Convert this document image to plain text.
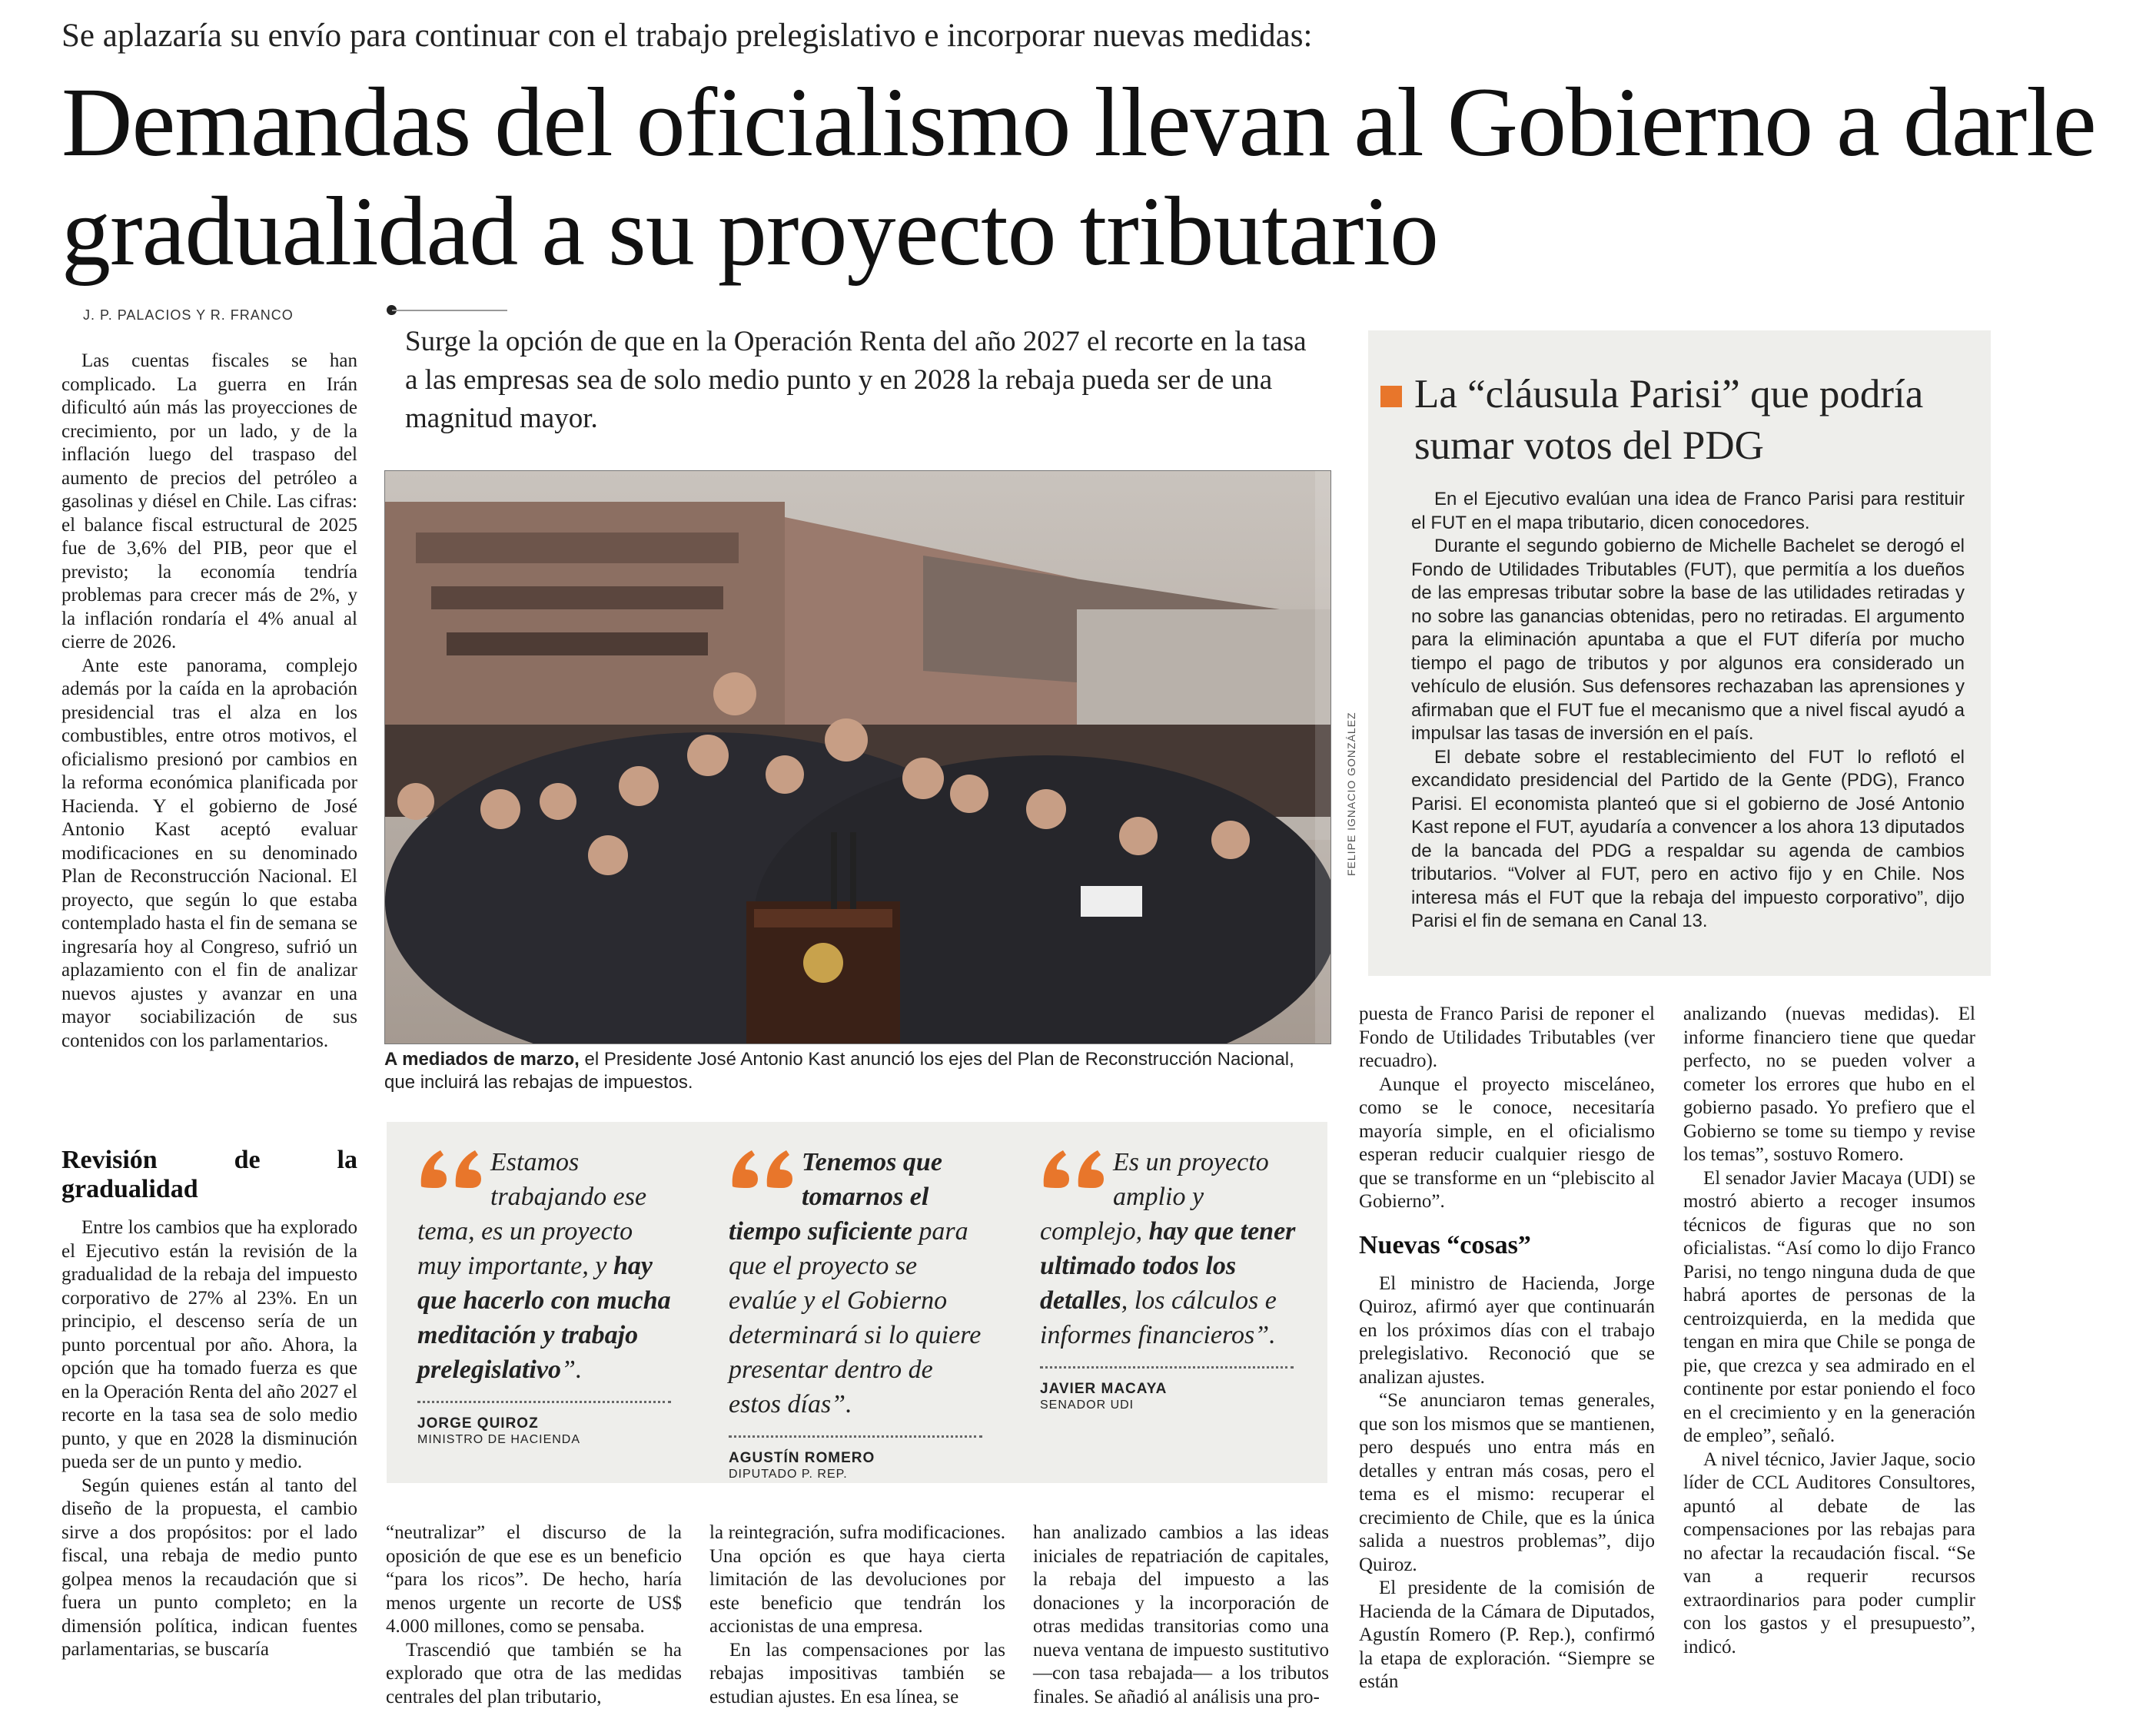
Se aplazaría su envío para continuar con el trabajo prelegislativo e incorporar nuevas medidas:
Demandas del oficialismo llevan al Gobierno a darle gradualidad a su proyecto tributario
J. P. PALACIOS Y R. FRANCO
Surge la opción de que en la Operación Renta del año 2027 el recorte en la tasa a las empresas sea de solo medio punto y en 2028 la rebaja pueda ser de una magnitud mayor.

Las cuentas fiscales se han complicado. La guerra en Irán dificultó aún más las proyecciones de crecimiento, por un lado, y de la inflación luego del traspaso del aumento de precios del petróleo a gasolinas y diésel en Chile. Las cifras: el balance fiscal estructural de 2025 fue de 3,6% del PIB, peor que el previsto; la economía tendría problemas para crecer más de 2%, y la inflación rondaría el 4% anual al cierre de 2026.

Ante este panorama, complejo además por la caída en la aprobación presidencial tras el alza en los combustibles, entre otros motivos, el oficialismo presionó por cambios en la reforma económica planificada por Hacienda. Y el gobierno de José Antonio Kast aceptó evaluar modificaciones en su denominado Plan de Reconstrucción Nacional. El proyecto, que según lo que estaba contemplado hasta el fin de semana se ingresaría hoy al Congreso, sufrió un aplazamiento con el fin de analizar nuevos ajustes y avanzar en una mayor sociabilización de sus contenidos con los parlamentarios.

Revisión de la gradualidad

Entre los cambios que ha explorado el Ejecutivo están la revisión de la gradualidad de la rebaja del impuesto corporativo de 27% al 23%. En un principio, el descenso sería de un punto porcentual por año. Ahora, la opción que ha tomado fuerza es que en la Operación Renta del año 2027 el recorte en la tasa sea de solo medio punto, y que en 2028 la disminución pueda ser de un punto y medio.

Según quienes están al tanto del diseño de la propuesta, el cambio sirve a dos propósitos: por el lado fiscal, una rebaja de medio punto golpea menos la recaudación que si fuera un punto completo; en la dimensión política, indican fuentes parlamentarias, se buscaría

FELIPE IGNACIO GONZÁLEZ
A mediados de marzo, el Presidente José Antonio Kast anunció los ejes del Plan de Reconstrucción Nacional, que incluirá las rebajas de impuestos.
Estamos trabajando ese tema, es un proyecto muy importante, y hay que hacerlo con mucha meditación y trabajo prelegislativo”.
JORGE QUIROZ
MINISTRO DE HACIENDA
Tenemos que tomarnos el tiempo suficiente para que el proyecto se evalúe y el Gobierno determinará si lo quiere presentar dentro de estos días”.
AGUSTÍN ROMERO
DIPUTADO P. REP.
Es un proyecto amplio y complejo, hay que tener ultimado todos los detalles, los cálculos e informes financieros”.
JAVIER MACAYA
SENADOR UDI

“neutralizar” el discurso de la oposición de que ese es un beneficio “para los ricos”. De hecho, haría menos urgente un recorte de US$ 4.000 millones, como se pensaba.

Trascendió que también se ha explorado que otra de las medidas centrales del plan tributario,

la reintegración, sufra modificaciones. Una opción es que haya cierta limitación de las devoluciones por este beneficio que tendrán los accionistas de una empresa.

En las compensaciones por las rebajas impositivas también se estudian ajustes. En esa línea, se

han analizado cambios a las ideas iniciales de repatriación de capitales, la rebaja del impuesto a las donaciones y la incorporación de otras medidas transitorias como una nueva ventana de impuesto sustitutivo —con tasa rebajada— a los tributos finales. Se añadió al análisis una pro-

puesta de Franco Parisi de reponer el Fondo de Utilidades Tributables (ver recuadro).

Aunque el proyecto misceláneo, como se le conoce, necesitaría mayoría simple, en el oficialismo esperan reducir cualquier riesgo de que se transforme en un “plebiscito al Gobierno”.

Nuevas “cosas”

El ministro de Hacienda, Jorge Quiroz, afirmó ayer que continuarán en los próximos días con el trabajo prelegislativo. Reconoció que se analizan ajustes.

“Se anunciaron temas generales, que son los mismos que se mantienen, pero después uno entra más en detalles y entran más cosas, pero el tema es el mismo: recuperar el crecimiento de Chile, que es la única salida a nuestros problemas”, dijo Quiroz.

El presidente de la comisión de Hacienda de la Cámara de Diputados, Agustín Romero (P. Rep.), confirmó la etapa de exploración. “Siempre se están

analizando (nuevas medidas). El informe financiero tiene que quedar perfecto, no se pueden volver a cometer los errores que hubo en el gobierno pasado. Yo prefiero que el Gobierno se tome su tiempo y revise los temas”, sostuvo Romero.

El senador Javier Macaya (UDI) se mostró abierto a recoger insumos técnicos de figuras que no son oficialistas. “Así como lo dijo Franco Parisi, no tengo ninguna duda de que habrá aportes de personas de la centroizquierda, en la medida que tengan en mira que Chile se ponga de pie, que crezca y sea admirado en el continente por estar poniendo el foco en el crecimiento y en la generación de empleo”, señaló.

A nivel técnico, Javier Jaque, socio líder de CCL Auditores Consultores, apuntó al debate de las compensaciones por las rebajas para no afectar la recaudación fiscal. “Se van a requerir recursos extraordinarios para poder cumplir con los gastos y el presupuesto”, indicó.

La “cláusula Parisi” que podría sumar votos del PDG

En el Ejecutivo evalúan una idea de Franco Parisi para restituir el FUT en el mapa tributario, dicen conocedores.

Durante el segundo gobierno de Michelle Bachelet se derogó el Fondo de Utilidades Tributables (FUT), que permitía a los dueños de las empresas tributar sobre la base de las utilidades retiradas y no sobre las ganancias obtenidas, pero no retiradas. El argumento para la eliminación apuntaba a que el FUT difería por mucho tiempo el pago de tributos y por algunos era considerado un vehículo de elusión. Sus defensores rechazaban las aprensiones y afirmaban que el FUT fue el mecanismo que a nivel fiscal ayudó a impulsar las tasas de inversión en el país.

El debate sobre el restablecimiento del FUT lo reflotó el excandidato presidencial del Partido de la Gente (PDG), Franco Parisi. El economista planteó que si el gobierno de José Antonio Kast repone el FUT, ayudaría a convencer a los ahora 13 diputados de la bancada del PDG a respaldar su agenda de cambios tributarios. “Volver al FUT, pero en activo fijo y en Chile. Nos interesa más el FUT que la rebaja del impuesto corporativo”, dijo Parisi el fin de semana en Canal 13.
